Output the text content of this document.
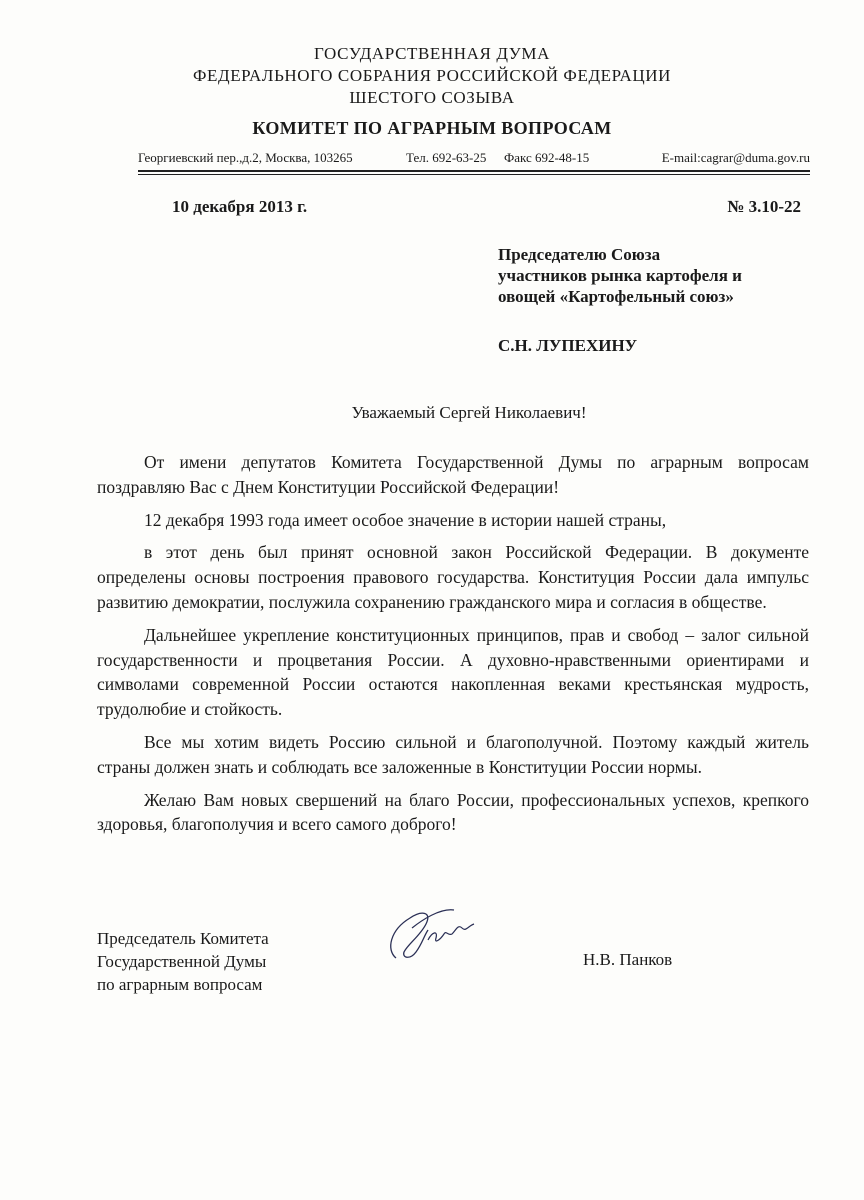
ГОСУДАРСТВЕННАЯ ДУМА
ФЕДЕРАЛЬНОГО СОБРАНИЯ РОССИЙСКОЙ ФЕДЕРАЦИИ
ШЕСТОГО СОЗЫВА
КОМИТЕТ ПО АГРАРНЫМ ВОПРОСАМ
Георгиевский пер.,д.2, Москва, 103265	Тел. 692-63-25	Факс 692-48-15	E-mail:cagrar@duma.gov.ru
10 декабря 2013 г.	№ 3.10-22
Председателю Союза
участников рынка картофеля и
овощей «Картофельный союз»
С.Н. ЛУПЕХИНУ
Уважаемый Сергей Николаевич!

От имени депутатов Комитета Государственной Думы по аграрным вопросам поздравляю Вас с Днем Конституции Российской Федерации!

12 декабря 1993 года имеет особое значение в истории нашей страны,

в этот день был принят основной закон Российской Федерации. В документе определены основы построения правового государства. Конституция России дала импульс развитию демократии, послужила сохранению гражданского мира и согласия в обществе.

Дальнейшее укрепление конституционных принципов, прав и свобод – залог сильной государственности и процветания России. А духовно-нравственными ориентирами и символами современной России остаются накопленная веками крестьянская мудрость, трудолюбие и стойкость.

Все мы хотим видеть Россию сильной и благополучной. Поэтому каждый житель страны должен знать и соблюдать все заложенные в Конституции России нормы.

Желаю Вам новых свершений на благо России, профессиональных успехов, крепкого здоровья, благополучия и всего самого доброго!

Председатель Комитета
Государственной Думы
по аграрным вопросам
Н.В. Панков
